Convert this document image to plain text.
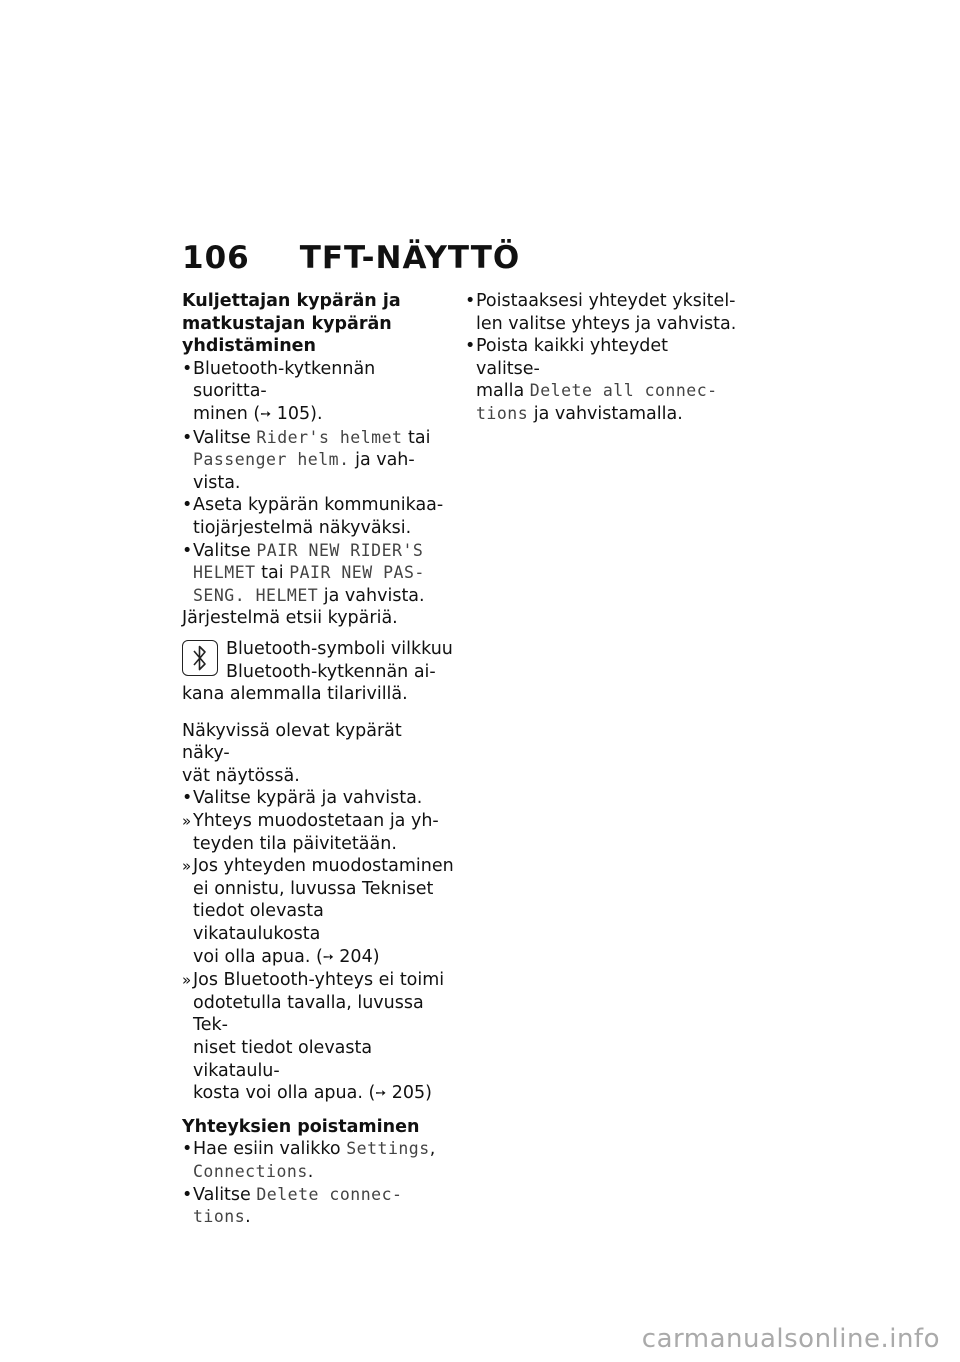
106 TFT-NÄYTTÖ
Kuljettajan kypärän ja matkustajan kypärän yhdistäminen
• Bluetooth-kytkennän suoritta-
minen (➙ 105).
• Valitse Rider's helmet tai
Passenger helm. ja vah-
vista.
• Aseta kypärän kommunikaa-
tiojärjestelmä näkyväksi.
• Valitse PAIR NEW RIDER'S
HELMET tai PAIR NEW PAS-
SENG. HELMET ja vahvista.

Järjestelmä etsii kypäriä.

Bluetooth-symboli vilkkuu
Bluetooth-kytkennän ai-
kana alemmalla tilarivillä.

Näkyvissä olevat kypärät näky-
vät näytössä.

• Valitse kypärä ja vahvista.
» Yhteys muodostetaan ja yh-
teyden tila päivitetään.
» Jos yhteyden muodostaminen
ei onnistu, luvussa Tekniset
tiedot olevasta vikataulukosta
voi olla apua. (➙ 204)
» Jos Bluetooth-yhteys ei toimi
odotetulla tavalla, luvussa Tek-
niset tiedot olevasta vikataulu-
kosta voi olla apua. (➙ 205)
Yhteyksien poistaminen
• Hae esiin valikko Settings,
Connections.
• Valitse Delete connec-
tions.
• Poistaaksesi yhteydet yksitel-
len valitse yhteys ja vahvista.
• Poista kaikki yhteydet valitse-
malla Delete all connec-
tions ja vahvistamalla.
carmanualsonline.info
